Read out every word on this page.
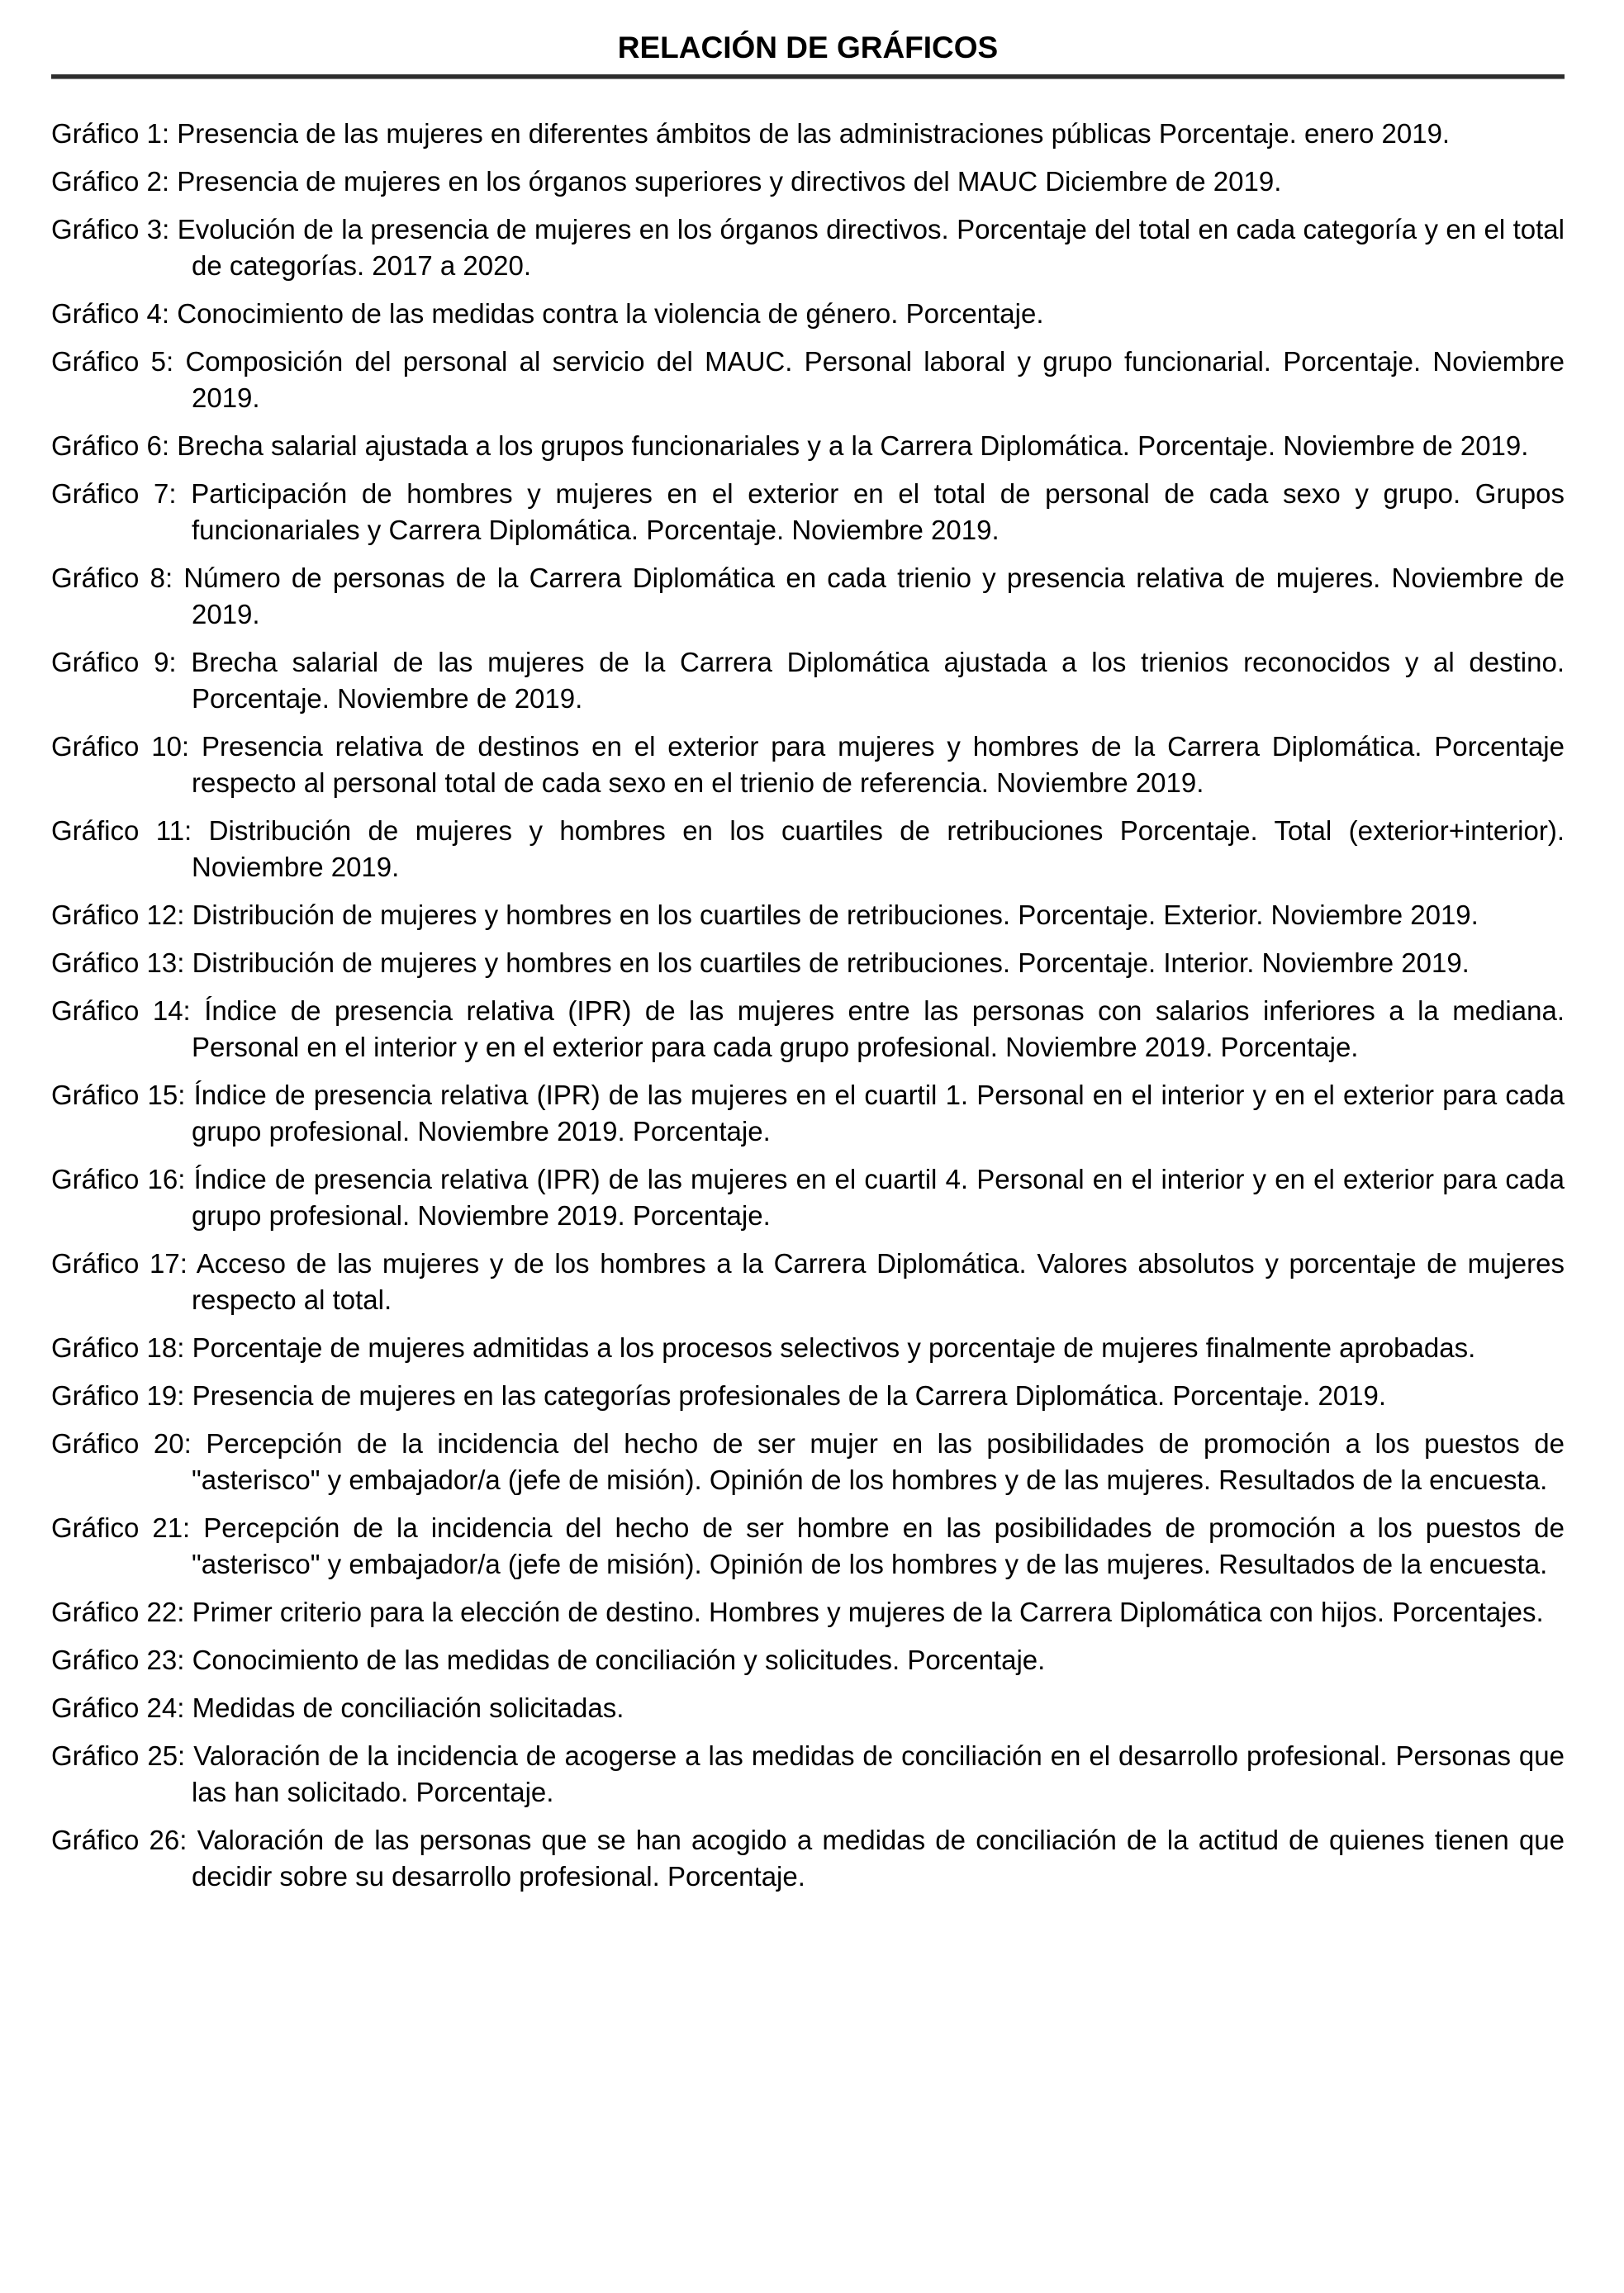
RELACIÓN DE GRÁFICOS

Gráfico 1: Presencia de las mujeres en diferentes ámbitos de las administraciones públicas Porcentaje. enero 2019.

Gráfico 2: Presencia de mujeres en los órganos superiores y directivos del MAUC Diciembre de 2019.

Gráfico 3: Evolución de la presencia de mujeres en los órganos directivos. Porcentaje del total en cada categoría y en el total de categorías. 2017 a 2020.

Gráfico 4: Conocimiento de las medidas contra la violencia de género. Porcentaje.

Gráfico 5: Composición del personal al servicio del MAUC. Personal laboral y grupo funcionarial. Porcentaje. Noviembre 2019.

Gráfico 6: Brecha salarial ajustada a los grupos funcionariales y a la Carrera Diplomática. Porcentaje. Noviembre de 2019.

Gráfico 7: Participación de hombres y mujeres en el exterior en el total de personal de cada sexo y grupo. Grupos funcionariales y Carrera Diplomática. Porcentaje. Noviembre 2019.

Gráfico 8: Número de personas de la Carrera Diplomática en cada trienio y presencia relativa de mujeres. Noviembre de 2019.

Gráfico 9: Brecha salarial de las mujeres de la Carrera Diplomática ajustada a los trienios reconocidos y al destino. Porcentaje. Noviembre de 2019.

Gráfico 10: Presencia relativa de destinos en el exterior para mujeres y hombres de la Carrera Diplomática. Porcentaje respecto al personal total de cada sexo en el trienio de referencia. Noviembre 2019.

Gráfico 11: Distribución de mujeres y hombres en los cuartiles de retribuciones Porcentaje. Total (exterior+interior). Noviembre 2019.

Gráfico 12: Distribución de mujeres y hombres en los cuartiles de retribuciones. Porcentaje. Exterior. Noviembre 2019.

Gráfico 13: Distribución de mujeres y hombres en los cuartiles de retribuciones. Porcentaje. Interior. Noviembre 2019.

Gráfico 14: Índice de presencia relativa (IPR) de las mujeres entre las personas con salarios inferiores a la mediana. Personal en el interior y en el exterior para cada grupo profesional. Noviembre 2019. Porcentaje.

Gráfico 15: Índice de presencia relativa (IPR) de las mujeres en el cuartil 1. Personal en el interior y en el exterior para cada grupo profesional. Noviembre 2019. Porcentaje.

Gráfico 16: Índice de presencia relativa (IPR) de las mujeres en el cuartil 4. Personal en el interior y en el exterior para cada grupo profesional. Noviembre 2019. Porcentaje.

Gráfico 17: Acceso de las mujeres y de los hombres a la Carrera Diplomática. Valores absolutos y porcentaje de mujeres respecto al total.

Gráfico 18: Porcentaje de mujeres admitidas a los procesos selectivos y porcentaje de mujeres finalmente aprobadas.

Gráfico 19: Presencia de mujeres en las categorías profesionales de la Carrera Diplomática. Porcentaje. 2019.

Gráfico 20: Percepción de la incidencia del hecho de ser mujer en las posibilidades de promoción a los puestos de "asterisco" y embajador/a (jefe de misión). Opinión de los hombres y de las mujeres. Resultados de la encuesta.

Gráfico 21: Percepción de la incidencia del hecho de ser hombre en las posibilidades de promoción a los puestos de "asterisco" y embajador/a (jefe de misión). Opinión de los hombres y de las mujeres. Resultados de la encuesta.

Gráfico 22: Primer criterio para la elección de destino. Hombres y mujeres de la Carrera Diplomática con hijos. Porcentajes.

Gráfico 23: Conocimiento de las medidas de conciliación y solicitudes. Porcentaje.

Gráfico 24: Medidas de conciliación solicitadas.

Gráfico 25: Valoración de la incidencia de acogerse a las medidas de conciliación en el desarrollo profesional. Personas que las han solicitado. Porcentaje.

Gráfico 26: Valoración de las personas que se han acogido a medidas de conciliación de la actitud de quienes tienen que decidir sobre su desarrollo profesional. Porcentaje.
